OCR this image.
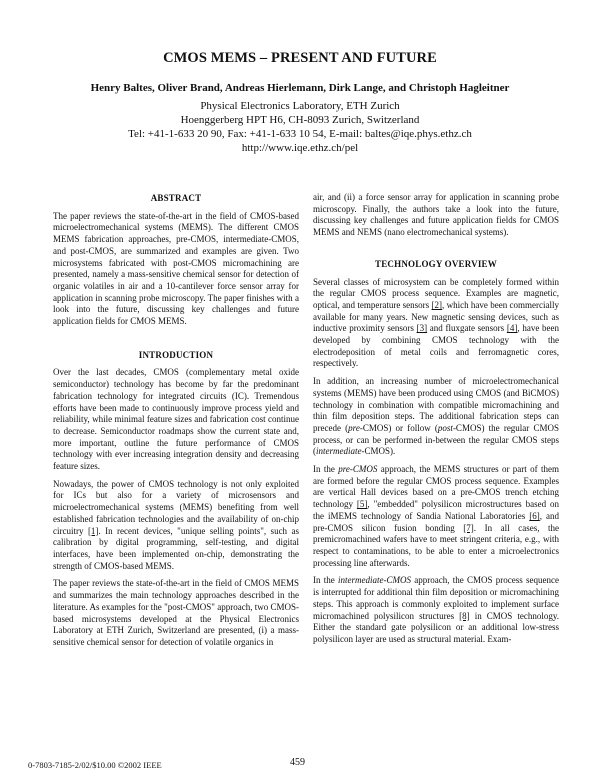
CMOS MEMS – PRESENT AND FUTURE
Henry Baltes, Oliver Brand, Andreas Hierlemann, Dirk Lange, and Christoph Hagleitner
Physical Electronics Laboratory, ETH Zurich
Hoenggerberg HPT H6, CH-8093 Zurich, Switzerland
Tel: +41-1-633 20 90, Fax: +41-1-633 10 54, E-mail: baltes@iqe.phys.ethz.ch
http://www.iqe.ethz.ch/pel
ABSTRACT

The paper reviews the state-of-the-art in the field of CMOS-based microelectromechanical systems (MEMS). The different CMOS MEMS fabrication approaches, pre-CMOS, intermediate-CMOS, and post-CMOS, are summarized and examples are given. Two microsystems fabricated with post-CMOS micromachining are presented, namely a mass-sensitive chemical sensor for detection of organic volatiles in air and a 10-cantilever force sensor array for application in scanning probe microscopy. The paper finishes with a look into the future, discussing key challenges and future application fields for CMOS MEMS.

INTRODUCTION

Over the last decades, CMOS (complementary metal oxide semiconductor) technology has become by far the predominant fabrication technology for integrated circuits (IC). Tremendous efforts have been made to continuously improve process yield and reliability, while minimal feature sizes and fabrication cost continue to decrease. Semiconductor roadmaps show the current state and, more important, outline the future performance of CMOS technology with ever increasing integration density and decreasing feature sizes.

Nowadays, the power of CMOS technology is not only exploited for ICs but also for a variety of microsensors and microelectromechanical systems (MEMS) benefiting from well established fabrication technologies and the availability of on-chip circuitry [1]. In recent devices, "unique selling points", such as calibration by digital programming, self-testing, and digital interfaces, have been implemented on-chip, demonstrating the strength of CMOS-based MEMS.

The paper reviews the state-of-the-art in the field of CMOS MEMS and summarizes the main technology approaches described in the literature. As examples for the "post-CMOS" approach, two CMOS-based microsystems developed at the Physical Electronics Laboratory at ETH Zurich, Switzerland are presented, (i) a mass-sensitive chemical sensor for detection of volatile organics in

air, and (ii) a force sensor array for application in scanning probe microscopy. Finally, the authors take a look into the future, discussing key challenges and future application fields for CMOS MEMS and NEMS (nano electromechanical systems).

TECHNOLOGY OVERVIEW

Several classes of microsystem can be completely formed within the regular CMOS process sequence. Examples are magnetic, optical, and temperature sensors [2], which have been commercially available for many years. New magnetic sensing devices, such as inductive proximity sensors [3] and fluxgate sensors [4], have been developed by combining CMOS technology with the electrodeposition of metal coils and ferromagnetic cores, respectively.

In addition, an increasing number of microelectromechanical systems (MEMS) have been produced using CMOS (and BiCMOS) technology in combination with compatible micromachining and thin film deposition steps. The additional fabrication steps can precede (pre-CMOS) or follow (post-CMOS) the regular CMOS process, or can be performed in-between the regular CMOS steps (intermediate-CMOS).

In the pre-CMOS approach, the MEMS structures or part of them are formed before the regular CMOS process sequence. Examples are vertical Hall devices based on a pre-CMOS trench etching technology [5], "embedded" polysilicon microstructures based on the iMEMS technology of Sandia National Laboratories [6], and pre-CMOS silicon fusion bonding [7]. In all cases, the premicromachined wafers have to meet stringent criteria, e.g., with respect to contaminations, to be able to enter a microelectronics processing line afterwards.

In the intermediate-CMOS approach, the CMOS process sequence is interrupted for additional thin film deposition or micromachining steps. This approach is commonly exploited to implement surface micromachined polysilicon structures [8] in CMOS technology. Either the standard gate polysilicon or an additional low-stress polysilicon layer are used as structural material. Exam-

0-7803-7185-2/02/$10.00 ©2002 IEEE	459
